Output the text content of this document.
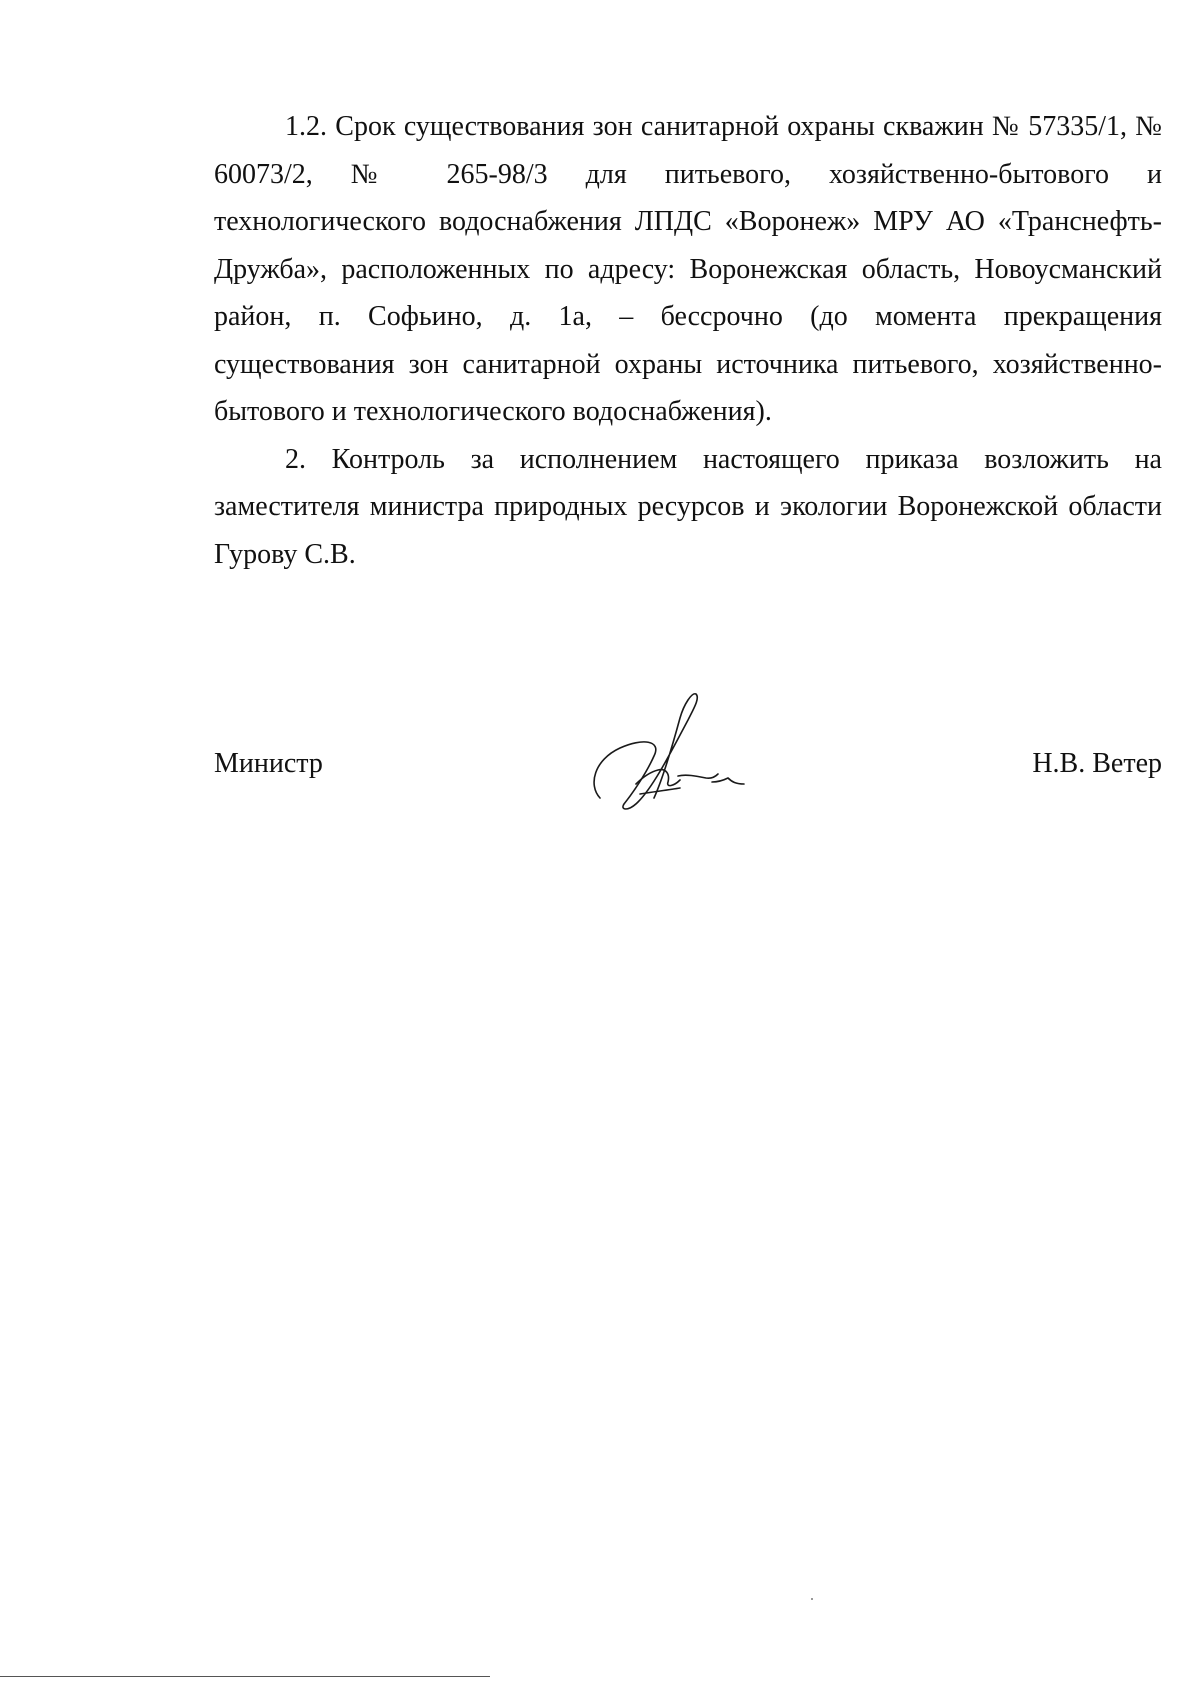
1.2. Срок существования зон санитарной охраны скважин № 57335/1, № 60073/2, № 265-98/3 для питьевого, хозяйственно-бытового и технологического водоснабжения ЛПДС «Воронеж» МРУ АО «Транснефть-Дружба», расположенных по адресу: Воронежская область, Новоусманский район, п. Софьино, д. 1а, – бессрочно (до момента прекращения существования зон санитарной охраны источника питьевого, хозяйственно-бытового и технологического водоснабжения).

2. Контроль за исполнением настоящего приказа возложить на заместителя министра природных ресурсов и экологии Воронежской области Гурову С.В.

Министр	Н.В. Ветер
